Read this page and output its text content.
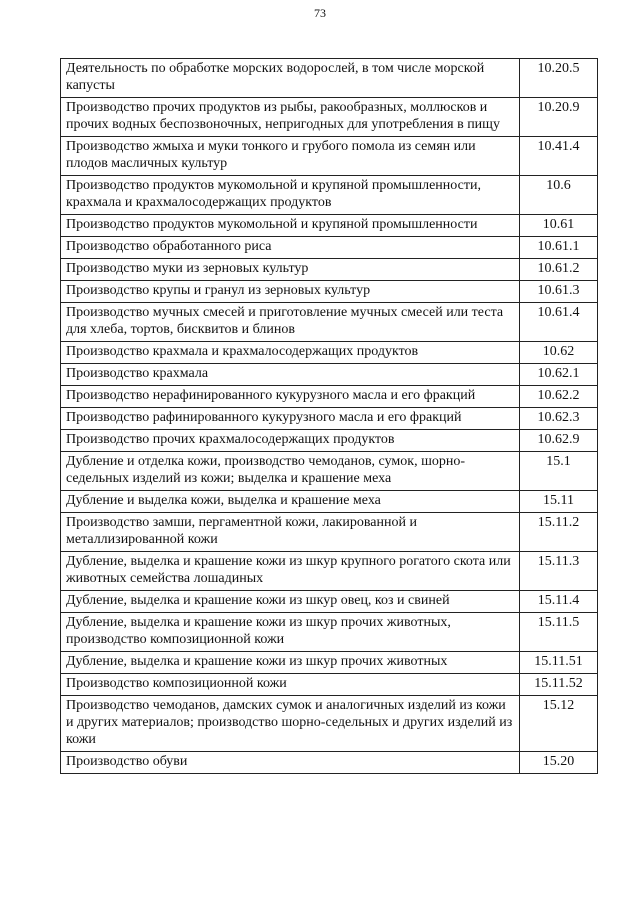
73
Деятельность по обработке морских водорослей, в том числе морской капусты	10.20.5
Производство прочих продуктов из рыбы, ракообразных, моллюсков и прочих водных беспозвоночных, непригодных для употребления в пищу	10.20.9
Производство жмыха и муки тонкого и грубого помола из семян или плодов масличных культур	10.41.4
Производство продуктов мукомольной и крупяной промышленности, крахмала и крахмалосодержащих продуктов	10.6
Производство продуктов мукомольной и крупяной промышленности	10.61
Производство обработанного риса	10.61.1
Производство муки из зерновых культур	10.61.2
Производство крупы и гранул из зерновых культур	10.61.3
Производство мучных смесей и приготовление мучных смесей или теста для хлеба, тортов, бисквитов и блинов	10.61.4
Производство крахмала и крахмалосодержащих продуктов	10.62
Производство крахмала	10.62.1
Производство нерафинированного кукурузного масла и его фракций	10.62.2
Производство рафинированного кукурузного масла и его фракций	10.62.3
Производство прочих крахмалосодержащих продуктов	10.62.9
Дубление и отделка кожи, производство чемоданов, сумок, шорно-седельных изделий из кожи; выделка и крашение меха	15.1
Дубление и выделка кожи, выделка и крашение меха	15.11
Производство замши, пергаментной кожи, лакированной и металлизированной кожи	15.11.2
Дубление, выделка и крашение кожи из шкур крупного рогатого скота или животных семейства лошадиных	15.11.3
Дубление, выделка и крашение кожи из шкур овец, коз и свиней	15.11.4
Дубление, выделка и крашение кожи из шкур прочих животных, производство композиционной кожи	15.11.5
Дубление, выделка и крашение кожи из шкур прочих животных	15.11.51
Производство композиционной кожи	15.11.52
Производство чемоданов, дамских сумок и аналогичных изделий из кожи и других материалов; производство шорно-седельных и других изделий из кожи	15.12
Производство обуви	15.20
